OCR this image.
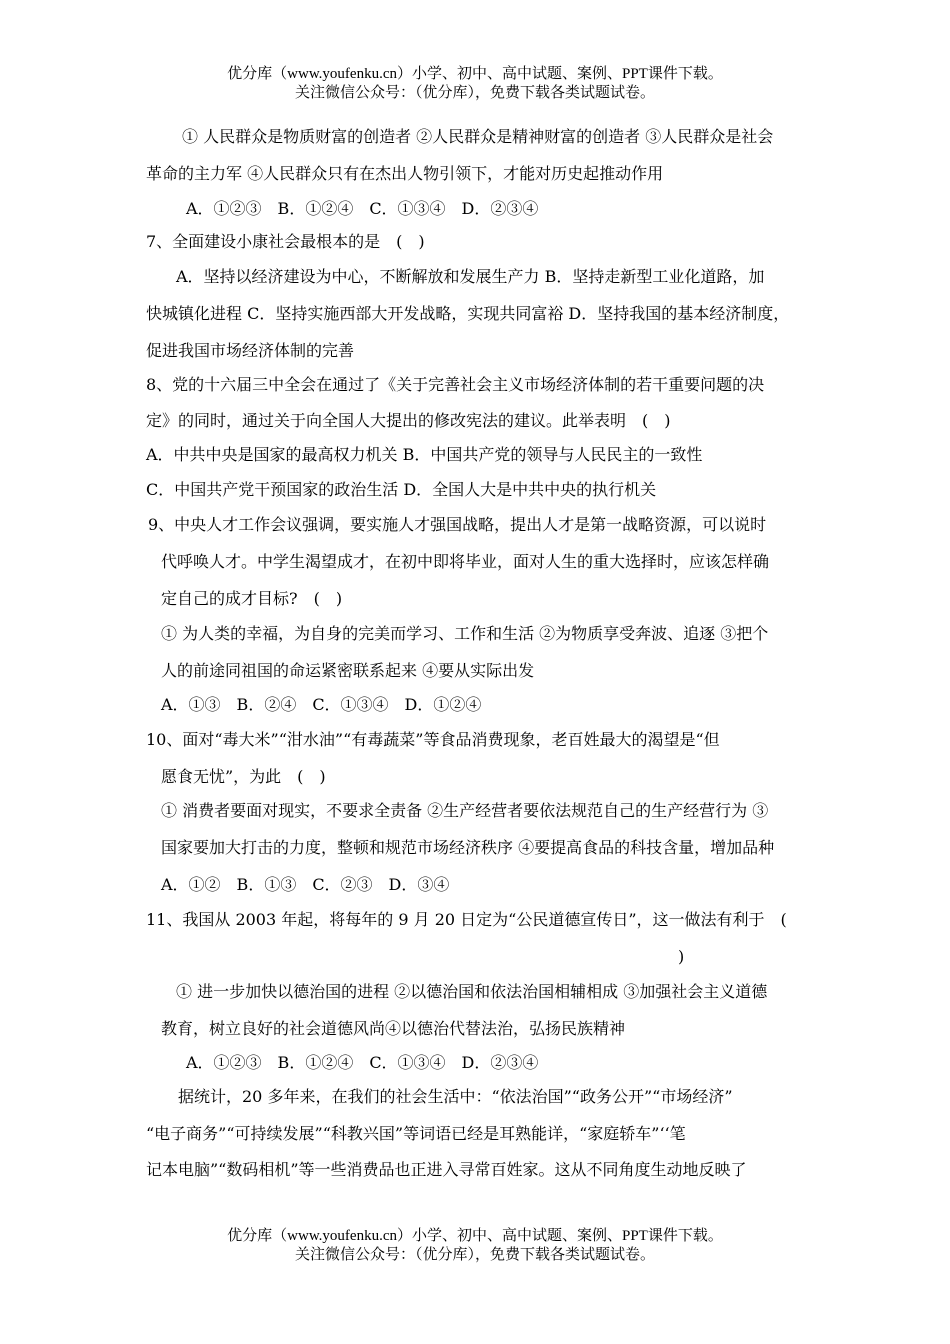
优分库（www.youfenku.cn）小学、初中、高中试题、案例、PPT课件下载。
关注微信公众号：（优分库），免费下载各类试题试卷。
① 人民群众是物质财富的创造者 ②人民群众是精神财富的创造者 ③人民群众是社会
革命的主力军 ④人民群众只有在杰出人物引领下，才能对历史起推动作用
A．①②③　B．①②④　C．①③④　D．②③④
7、全面建设小康社会最根本的是　(　)
A．坚持以经济建设为中心，不断解放和发展生产力 B．坚持走新型工业化道路，加
快城镇化进程 C．坚持实施西部大开发战略，实现共同富裕 D．坚持我国的基本经济制度，
促进我国市场经济体制的完善
8、党的十六届三中全会在通过了《关于完善社会主义市场经济体制的若干重要问题的决
定》的同时，通过关于向全国人大提出的修改宪法的建议。此举表明　(　)
A．中共中央是国家的最高权力机关 B．中国共产党的领导与人民民主的一致性
C．中国共产党干预国家的政治生活 D．全国人大是中共中央的执行机关
9、中央人才工作会议强调，要实施人才强国战略，提出人才是第一战略资源，可以说时
代呼唤人才。中学生渴望成才，在初中即将毕业，面对人生的重大选择时，应该怎样确
定自己的成才目标?　(　)
① 为人类的幸福，为自身的完美而学习、工作和生活 ②为物质享受奔波、追逐 ③把个
人的前途同祖国的命运紧密联系起来 ④要从实际出发
A．①③　B．②④　C．①③④　D．①②④
10、面对“毒大米”“泔水油”“有毒蔬菜”等食品消费现象，老百姓最大的渴望是“但
愿食无忧”，为此　(　)
① 消费者要面对现实，不要求全责备 ②生产经营者要依法规范自己的生产经营行为 ③
国家要加大打击的力度，整顿和规范市场经济秩序 ④要提高食品的科技含量，增加品种
A．①②　B．①③　C．②③　D．③④
11、我国从 2003 年起，将每年的 9 月 20 日定为“公民道德宣传日”，这一做法有利于　(
)
① 进一步加快以德治国的进程 ②以德治国和依法治国相辅相成 ③加强社会主义道德
教育，树立良好的社会道德风尚④以德治代替法治，弘扬民族精神
A．①②③　B．①②④　C．①③④　D．②③④
据统计，20 多年来，在我们的社会生活中：“依法治国”“政务公开”“市场经济”
“电子商务”“可持续发展”“科教兴国”等词语已经是耳熟能详，“家庭轿车”‘‘笔
记本电脑”“数码相机”等一些消费品也正进入寻常百姓家。这从不同角度生动地反映了
优分库（www.youfenku.cn）小学、初中、高中试题、案例、PPT课件下载。
关注微信公众号：（优分库），免费下载各类试题试卷。
